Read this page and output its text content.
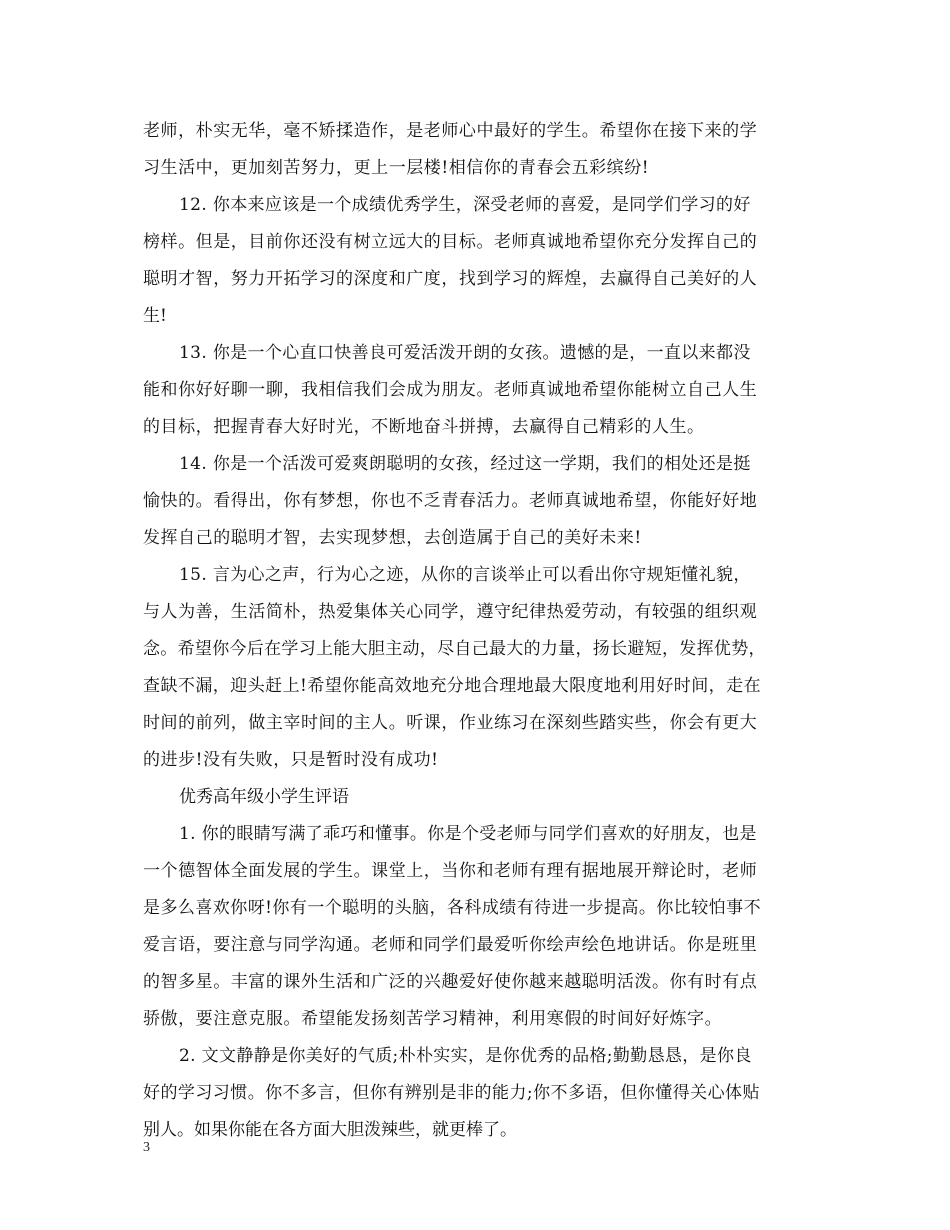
老师，朴实无华，毫不矫揉造作，是老师心中最好的学生。希望你在接下来的学
习生活中，更加刻苦努力，更上一层楼!相信你的青春会五彩缤纷!
12. 你本来应该是一个成绩优秀学生，深受老师的喜爱，是同学们学习的好
榜样。但是，目前你还没有树立远大的目标。老师真诚地希望你充分发挥自己的
聪明才智，努力开拓学习的深度和广度，找到学习的辉煌，去赢得自己美好的人
生!
13. 你是一个心直口快善良可爱活泼开朗的女孩。遗憾的是，一直以来都没
能和你好好聊一聊，我相信我们会成为朋友。老师真诚地希望你能树立自己人生
的目标，把握青春大好时光，不断地奋斗拼搏，去赢得自己精彩的人生。
14. 你是一个活泼可爱爽朗聪明的女孩，经过这一学期，我们的相处还是挺
愉快的。看得出，你有梦想，你也不乏青春活力。老师真诚地希望，你能好好地
发挥自己的聪明才智，去实现梦想，去创造属于自己的美好未来!
15. 言为心之声，行为心之迹，从你的言谈举止可以看出你守规矩懂礼貌，
与人为善，生活简朴，热爱集体关心同学，遵守纪律热爱劳动，有较强的组织观
念。希望你今后在学习上能大胆主动，尽自己最大的力量，扬长避短，发挥优势，
查缺不漏，迎头赶上!希望你能高效地充分地合理地最大限度地利用好时间，走在
时间的前列，做主宰时间的主人。听课，作业练习在深刻些踏实些，你会有更大
的进步!没有失败，只是暂时没有成功!
优秀高年级小学生评语
1. 你的眼睛写满了乖巧和懂事。你是个受老师与同学们喜欢的好朋友，也是
一个德智体全面发展的学生。课堂上，当你和老师有理有据地展开辩论时，老师
是多么喜欢你呀!你有一个聪明的头脑，各科成绩有待进一步提高。你比较怕事不
爱言语，要注意与同学沟通。老师和同学们最爱听你绘声绘色地讲话。你是班里
的智多星。丰富的课外生活和广泛的兴趣爱好使你越来越聪明活泼。你有时有点
骄傲，要注意克服。希望能发扬刻苦学习精神，利用寒假的时间好好炼字。
2. 文文静静是你美好的气质;朴朴实实，是你优秀的品格;勤勤恳恳，是你良
好的学习习惯。你不多言，但你有辨别是非的能力;你不多语，但你懂得关心体贴
别人。如果你能在各方面大胆泼辣些，就更棒了。
3
